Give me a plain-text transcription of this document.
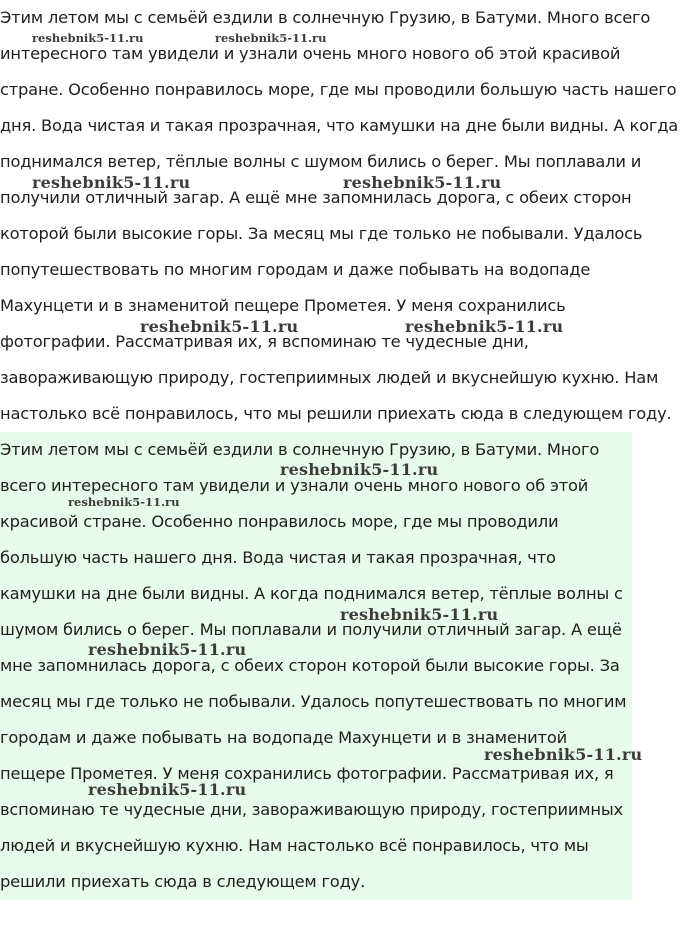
Этим летом мы с семьёй ездили в солнечную Грузию, в Батуми. Много всего интересного там увидели и узнали очень много нового об этой красивой стране. Особенно понравилось море, где мы проводили большую часть нашего дня. Вода чистая и такая прозрачная, что камушки на дне были видны. А когда поднимался ветер, тёплые волны с шумом бились о берег. Мы поплавали и получили отличный загар. А ещё мне запомнилась дорога, с обеих сторон которой были высокие горы. За месяц мы где только не побывали. Удалось попутешествовать по многим городам и даже побывать на водопаде Махунцети и в знаменитой пещере Прометея. У меня сохранились фотографии. Рассматривая их, я вспоминаю те чудесные дни, завораживающую природу, гостеприимных людей и вкуснейшую кухню. Нам настолько всё понравилось, что мы решили приехать сюда в следующем году.

Этим летом мы с семьёй ездили в солнечную Грузию, в Батуми. Много всего интересного там увидели и узнали очень много нового об этой красивой стране. Особенно понравилось море, где мы проводили большую часть нашего дня. Вода чистая и такая прозрачная, что камушки на дне были видны. А когда поднимался ветер, тёплые волны с шумом бились о берег. Мы поплавали и получили отличный загар. А ещё мне запомнилась дорога, с обеих сторон которой были высокие горы. За месяц мы где только не побывали. Удалось попутешествовать по многим городам и даже побывать на водопаде Махунцети и в знаменитой пещере Прометея. У меня сохранились фотографии. Рассматривая их, я вспоминаю те чудесные дни, завораживающую природу, гостеприимных людей и вкуснейшую кухню. Нам настолько всё понравилось, что мы решили приехать сюда в следующем году.

reshebnik5-11.ru	reshebnik5-11.ru
reshebnik5-11.ru	reshebnik5-11.ru
reshebnik5-11.ru	reshebnik5-11.ru
reshebnik5-11.ru
reshebnik5-11.ru
reshebnik5-11.ru
reshebnik5-11.ru
reshebnik5-11.ru
reshebnik5-11.ru
